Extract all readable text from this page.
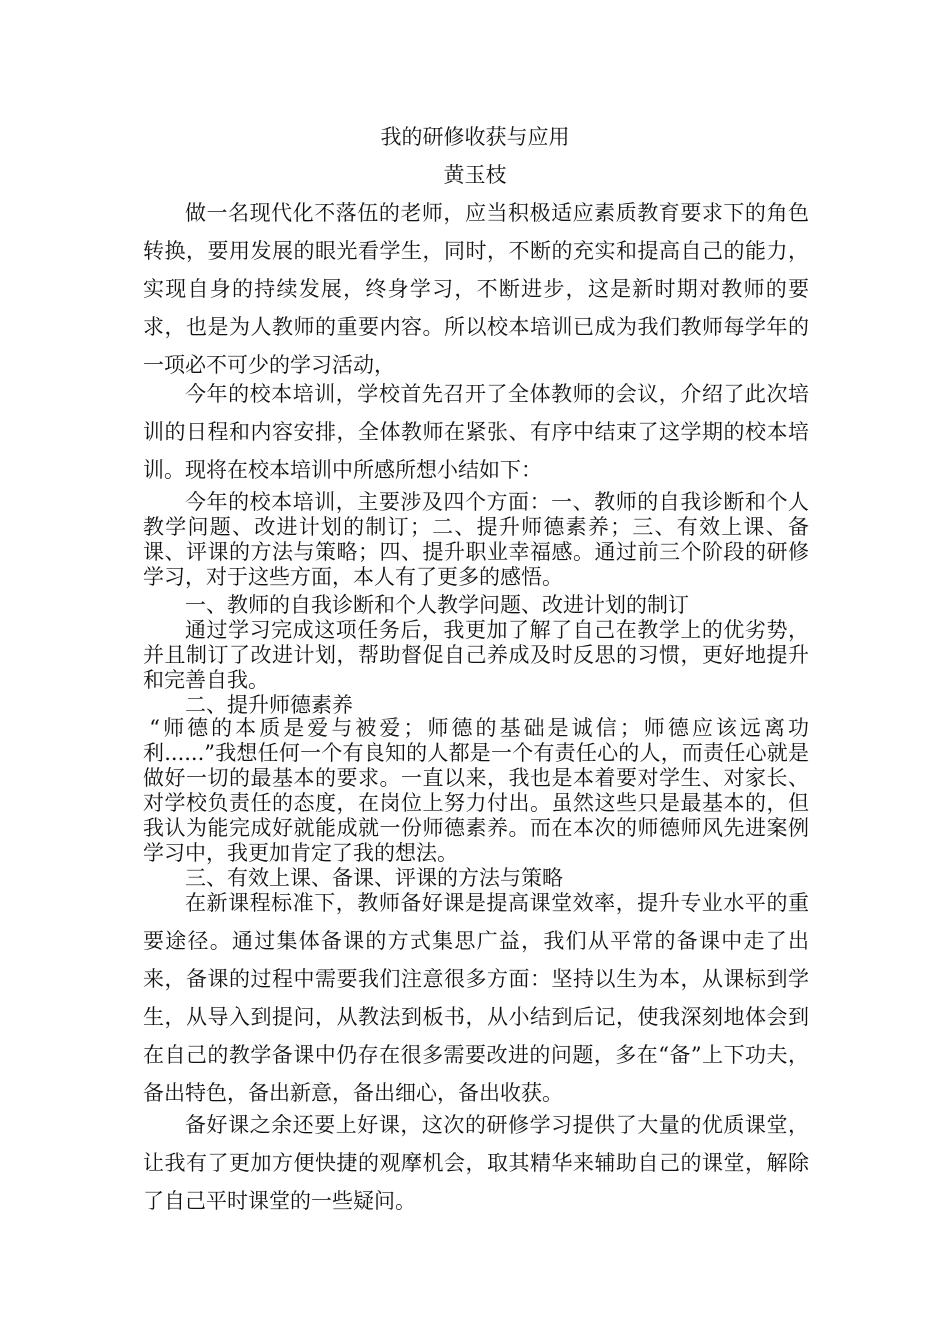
我的研修收获与应用
黄玉枝

做一名现代化不落伍的老师，应当积极适应素质教育要求下的角色转换，要用发展的眼光看学生，同时，不断的充实和提高自己的能力，实现自身的持续发展，终身学习，不断进步，这是新时期对教师的要求，也是为人教师的重要内容。所以校本培训已成为我们教师每学年的一项必不可少的学习活动，

今年的校本培训，学校首先召开了全体教师的会议，介绍了此次培训的日程和内容安排，全体教师在紧张、有序中结束了这学期的校本培训。现将在校本培训中所感所想小结如下：

今年的校本培训，主要涉及四个方面：一、教师的自我诊断和个人教学问题、改进计划的制订；二、提升师德素养；三、有效上课、备课、评课的方法与策略；四、提升职业幸福感。通过前三个阶段的研修学习，对于这些方面，本人有了更多的感悟。

一、教师的自我诊断和个人教学问题、改进计划的制订

通过学习完成这项任务后，我更加了解了自己在教学上的优劣势，并且制订了改进计划，帮助督促自己养成及时反思的习惯，更好地提升和完善自我。

二、提升师德素养

“师德的本质是爱与被爱；师德的基础是诚信；师德应该远离功利......”我想任何一个有良知的人都是一个有责任心的人，而责任心就是做好一切的最基本的要求。一直以来，我也是本着要对学生、对家长、对学校负责任的态度，在岗位上努力付出。虽然这些只是最基本的，但我认为能完成好就能成就一份师德素养。而在本次的师德师风先进案例学习中，我更加肯定了我的想法。

三、有效上课、备课、评课的方法与策略

在新课程标准下，教师备好课是提高课堂效率，提升专业水平的重要途径。通过集体备课的方式集思广益，我们从平常的备课中走了出来，备课的过程中需要我们注意很多方面：坚持以生为本，从课标到学生，从导入到提问，从教法到板书，从小结到后记，使我深刻地体会到在自己的教学备课中仍存在很多需要改进的问题，多在“备”上下功夫，备出特色，备出新意，备出细心，备出收获。

备好课之余还要上好课，这次的研修学习提供了大量的优质课堂，让我有了更加方便快捷的观摩机会，取其精华来辅助自己的课堂，解除了自己平时课堂的一些疑问。
